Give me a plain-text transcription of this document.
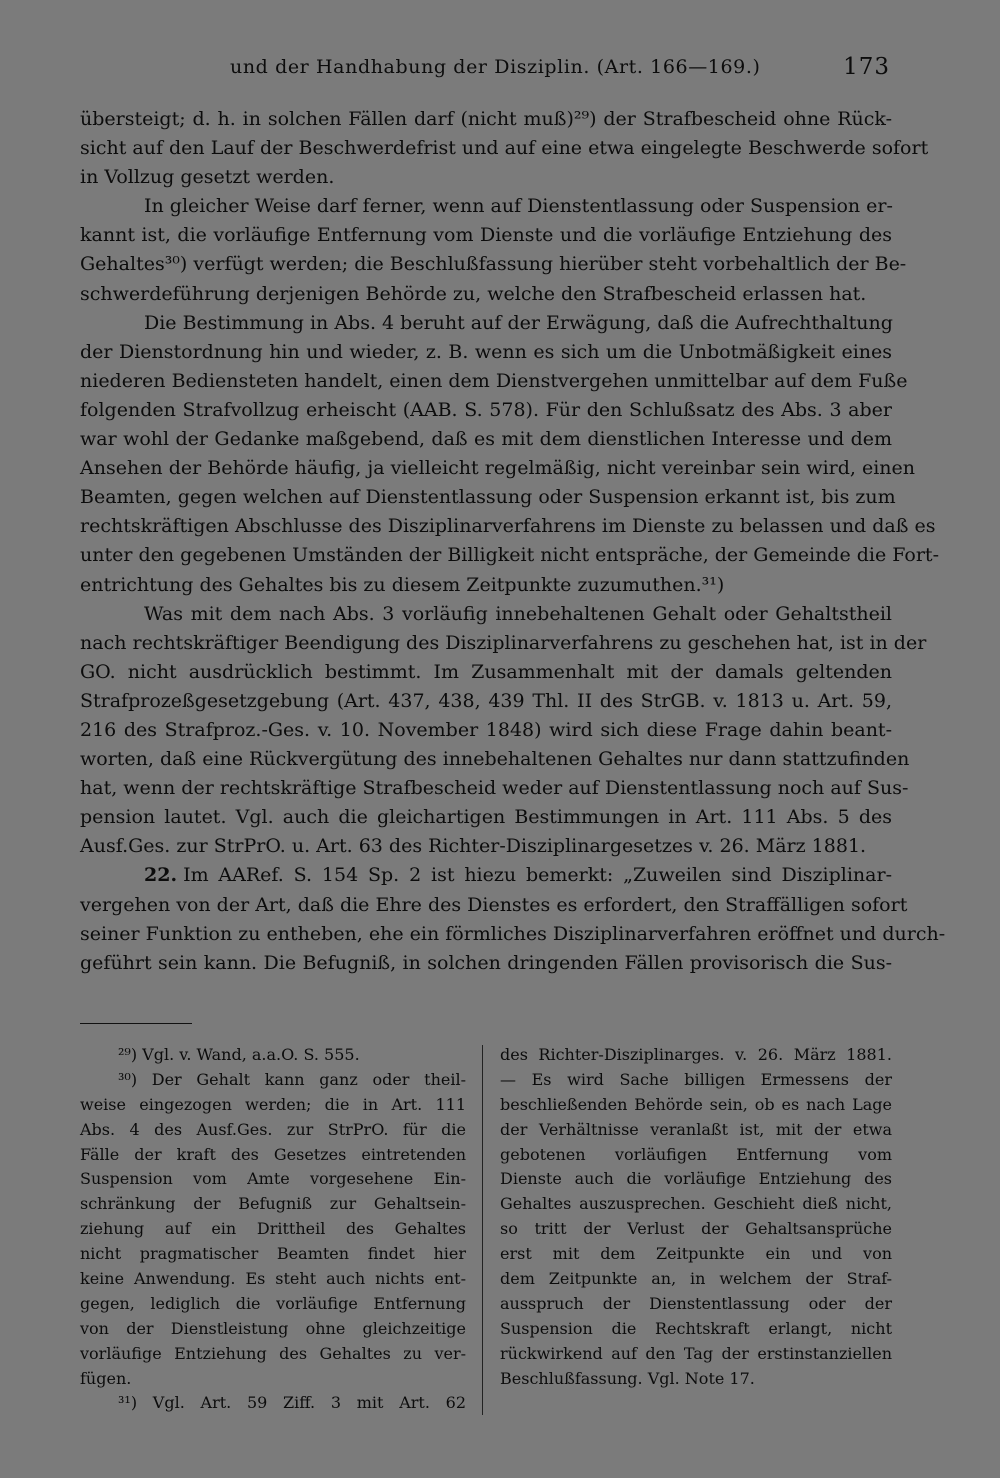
und der Handhabung der Disziplin. (Art. 166—169.)	173
übersteigt; d. h. in solchen Fällen darf (nicht muß)²⁹) der Strafbescheid ohne Rück-
sicht auf den Lauf der Beschwerdefrist und auf eine etwa eingelegte Beschwerde sofort
in Vollzug gesetzt werden.
In gleicher Weise darf ferner, wenn auf Dienstentlassung oder Suspension er-
kannt ist, die vorläufige Entfernung vom Dienste und die vorläufige Entziehung des
Gehaltes³⁰) verfügt werden; die Beschlußfassung hierüber steht vorbehaltlich der Be-
schwerdeführung derjenigen Behörde zu, welche den Strafbescheid erlassen hat.
Die Bestimmung in Abs. 4 beruht auf der Erwägung, daß die Aufrechthaltung
der Dienstordnung hin und wieder, z. B. wenn es sich um die Unbotmäßigkeit eines
niederen Bediensteten handelt, einen dem Dienstvergehen unmittelbar auf dem Fuße
folgenden Strafvollzug erheischt (AAB. S. 578). Für den Schlußsatz des Abs. 3 aber
war wohl der Gedanke maßgebend, daß es mit dem dienstlichen Interesse und dem
Ansehen der Behörde häufig, ja vielleicht regelmäßig, nicht vereinbar sein wird, einen
Beamten, gegen welchen auf Dienstentlassung oder Suspension erkannt ist, bis zum
rechtskräftigen Abschlusse des Disziplinarverfahrens im Dienste zu belassen und daß es
unter den gegebenen Umständen der Billigkeit nicht entspräche, der Gemeinde die Fort-
entrichtung des Gehaltes bis zu diesem Zeitpunkte zuzumuthen.³¹)
Was mit dem nach Abs. 3 vorläufig innebehaltenen Gehalt oder Gehaltstheil
nach rechtskräftiger Beendigung des Disziplinarverfahrens zu geschehen hat, ist in der
GO. nicht ausdrücklich bestimmt. Im Zusammenhalt mit der damals geltenden
Strafprozeßgesetzgebung (Art. 437, 438, 439 Thl. II des StrGB. v. 1813 u. Art. 59,
216 des Strafproz.-Ges. v. 10. November 1848) wird sich diese Frage dahin beant-
worten, daß eine Rückvergütung des innebehaltenen Gehaltes nur dann stattzufinden
hat, wenn der rechtskräftige Strafbescheid weder auf Dienstentlassung noch auf Sus-
pension lautet. Vgl. auch die gleichartigen Bestimmungen in Art. 111 Abs. 5 des
Ausf.Ges. zur StrPrO. u. Art. 63 des Richter-Disziplinargesetzes v. 26. März 1881.
22. Im AARef. S. 154 Sp. 2 ist hiezu bemerkt: „Zuweilen sind Disziplinar-
vergehen von der Art, daß die Ehre des Dienstes es erfordert, den Straffälligen sofort
seiner Funktion zu entheben, ehe ein förmliches Disziplinarverfahren eröffnet und durch-
geführt sein kann. Die Befugniß, in solchen dringenden Fällen provisorisch die Sus-
²⁹) Vgl. v. Wand, a.a.O. S. 555.
³⁰) Der Gehalt kann ganz oder theil-
weise eingezogen werden; die in Art. 111
Abs. 4 des Ausf.Ges. zur StrPrO. für die
Fälle der kraft des Gesetzes eintretenden
Suspension vom Amte vorgesehene Ein-
schränkung der Befugniß zur Gehaltsein-
ziehung auf ein Drittheil des Gehaltes
nicht pragmatischer Beamten findet hier
keine Anwendung. Es steht auch nichts ent-
gegen, lediglich die vorläufige Entfernung
von der Dienstleistung ohne gleichzeitige
vorläufige Entziehung des Gehaltes zu ver-
fügen.
³¹) Vgl. Art. 59 Ziff. 3 mit Art. 62
des Richter-Disziplinarges. v. 26. März 1881.
— Es wird Sache billigen Ermessens der
beschließenden Behörde sein, ob es nach Lage
der Verhältnisse veranlaßt ist, mit der etwa
gebotenen vorläufigen Entfernung vom
Dienste auch die vorläufige Entziehung des
Gehaltes auszusprechen. Geschieht dieß nicht,
so tritt der Verlust der Gehaltsansprüche
erst mit dem Zeitpunkte ein und von
dem Zeitpunkte an, in welchem der Straf-
ausspruch der Dienstentlassung oder der
Suspension die Rechtskraft erlangt, nicht
rückwirkend auf den Tag der erstinstanziellen
Beschlußfassung. Vgl. Note 17.
